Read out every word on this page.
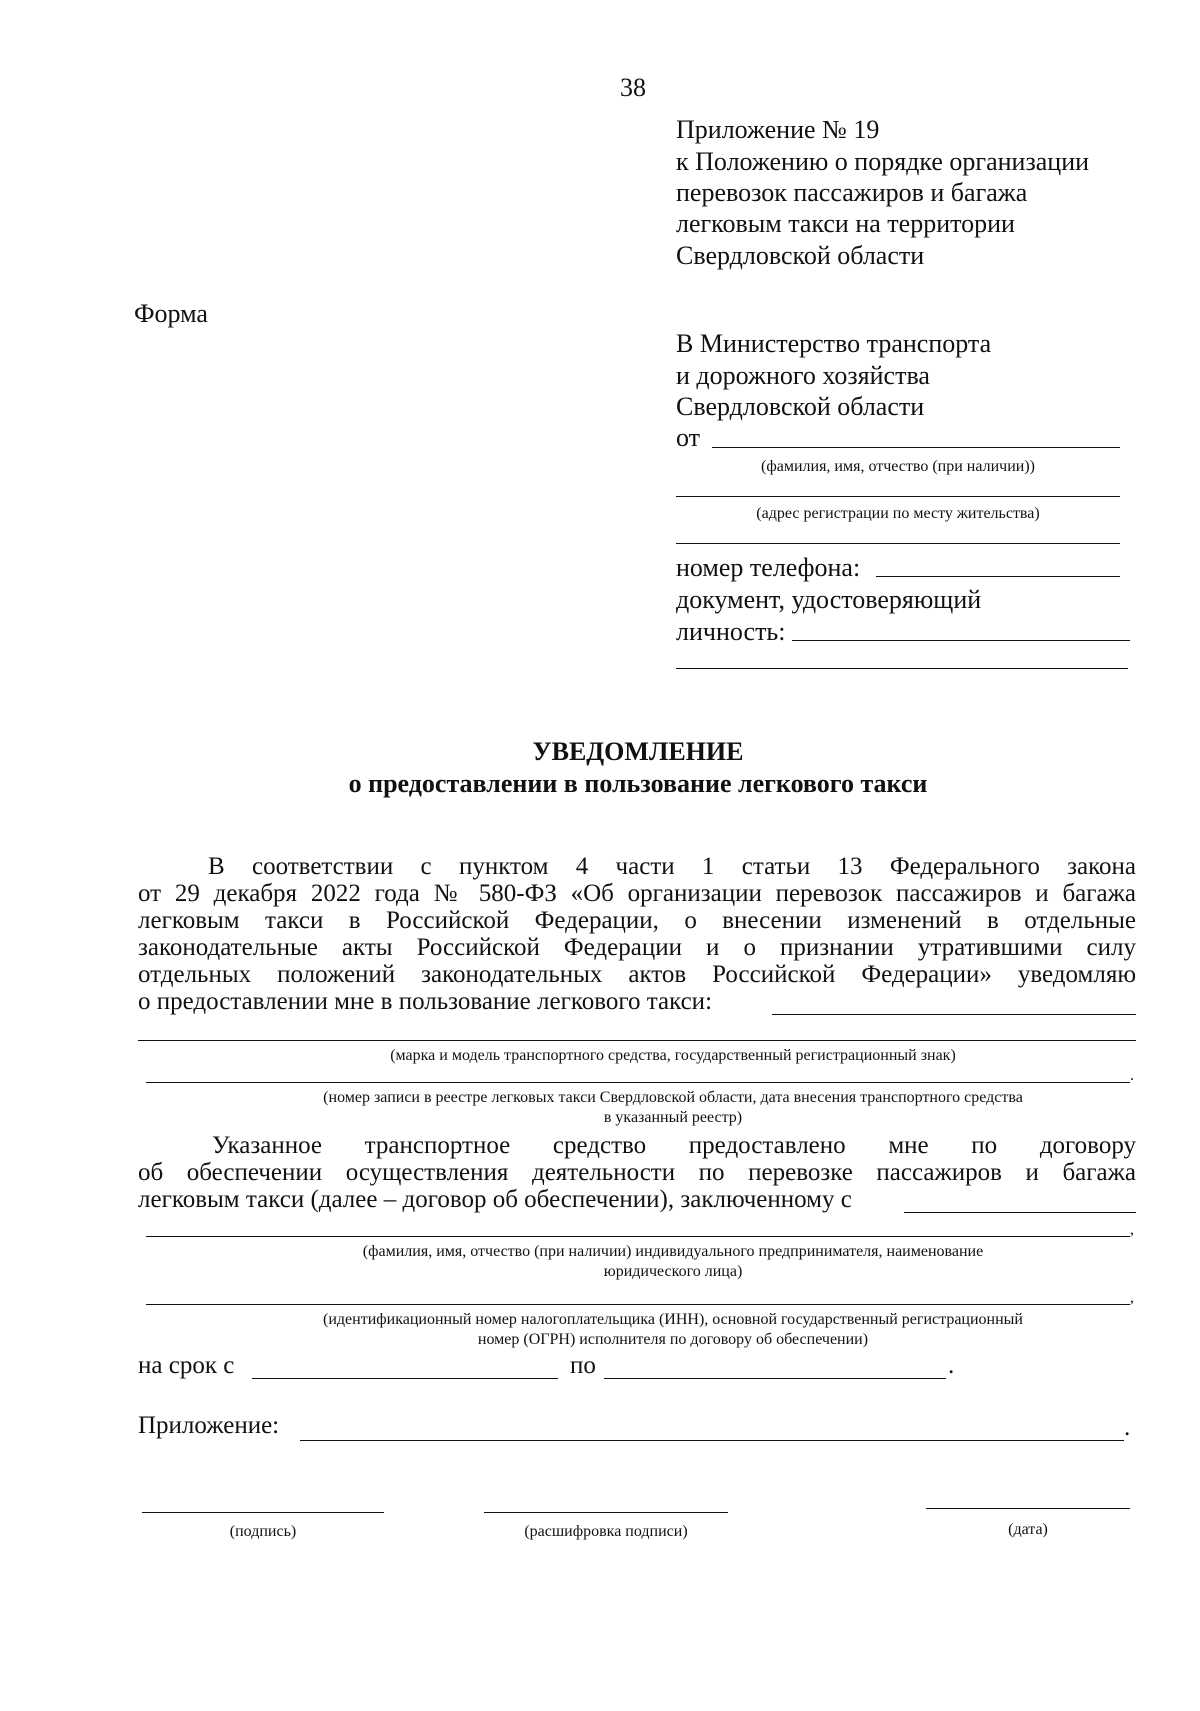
38
Приложение № 19
к Положению о порядке организации
перевозок пассажиров и багажа
легковым такси на территории
Свердловской области
Форма
В Министерство транспорта
и дорожного хозяйства
Свердловской области
от
(фамилия, имя, отчество (при наличии))
(адрес регистрации по месту жительства)
номер телефона:
документ, удостоверяющий
личность:
УВЕДОМЛЕНИЕ
о предоставлении в пользование легкового такси
В соответствии с пунктом 4 части 1 статьи 13 Федерального закона
от 29 декабря 2022 года № 580-ФЗ «Об организации перевозок пассажиров и багажа
легковым такси в Российской Федерации, о внесении изменений в отдельные
законодательные акты Российской Федерации и о признании утратившими силу
отдельных положений законодательных актов Российской Федерации» уведомляю
о предоставлении мне в пользование легкового такси:
(марка и модель транспортного средства, государственный регистрационный знак)
.
(номер записи в реестре легковых такси Свердловской области, дата внесения транспортного средства
в указанный реестр)
Указанное транспортное средство предоставлено мне по договору
об обеспечении осуществления деятельности по перевозке пассажиров и багажа
легковым такси (далее – договор об обеспечении), заключенному с
,
(фамилия, имя, отчество (при наличии) индивидуального предпринимателя, наименование
юридического лица)
,
(идентификационный номер налогоплательщика (ИНН), основной государственный регистрационный
номер (ОГРН) исполнителя по договору об обеспечении)
на срок с	по	.
Приложение:	.
(подпись)	(расшифровка подписи)	(дата)
